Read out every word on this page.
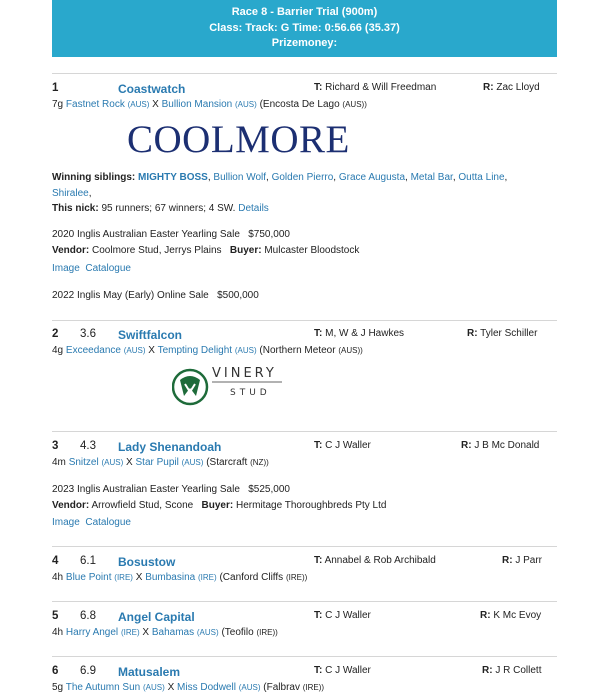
Race 8 - Barrier Trial (900m)
Class: Track: G Time: 0:56.66 (35.37)
Prizemoney:
1	Coastwatch	T: Richard & Will Freedman	R: Zac Lloyd
7g Fastnet Rock (AUS) X Bullion Mansion (AUS) (Encosta De Lago (AUS))
COOLMORE
Winning siblings: MIGHTY BOSS, Bullion Wolf, Golden Pierro, Grace Augusta, Metal Bar, Outta Line, Shiralee,
This nick: 95 runners; 67 winners; 4 SW. Details
2020 Inglis Australian Easter Yearling Sale   $750,000
Vendor: Coolmore Stud, Jerrys Plains Buyer: Mulcaster Bloodstock
Image Catalogue
2022 Inglis May (Early) Online Sale   $500,000
2 3.6 Swiftfalcon	T: M, W & J Hawkes	R: Tyler Schiller
4g Exceedance (AUS) X Tempting Delight (AUS) (Northern Meteor (AUS))
VINERY
STUD
3 4.3 Lady Shenandoah	T: C J Waller	R: J B Mc Donald
4m Snitzel (AUS) X Star Pupil (AUS) (Starcraft (NZ))
2023 Inglis Australian Easter Yearling Sale   $525,000
Vendor: Arrowfield Stud, Scone Buyer: Hermitage Thoroughbreds Pty Ltd
Image Catalogue
4 6.1 Bosustow	T: Annabel & Rob Archibald	R: J Parr
4h Blue Point (IRE) X Bumbasina (IRE) (Canford Cliffs (IRE))
5 6.8 Angel Capital	T: C J Waller	R: K Mc Evoy
4h Harry Angel (IRE) X Bahamas (AUS) (Teofilo (IRE))
6 6.9 Matusalem	T: C J Waller	R: J R Collett
5g The Autumn Sun (AUS) X Miss Dodwell (AUS) (Falbrav (IRE))
